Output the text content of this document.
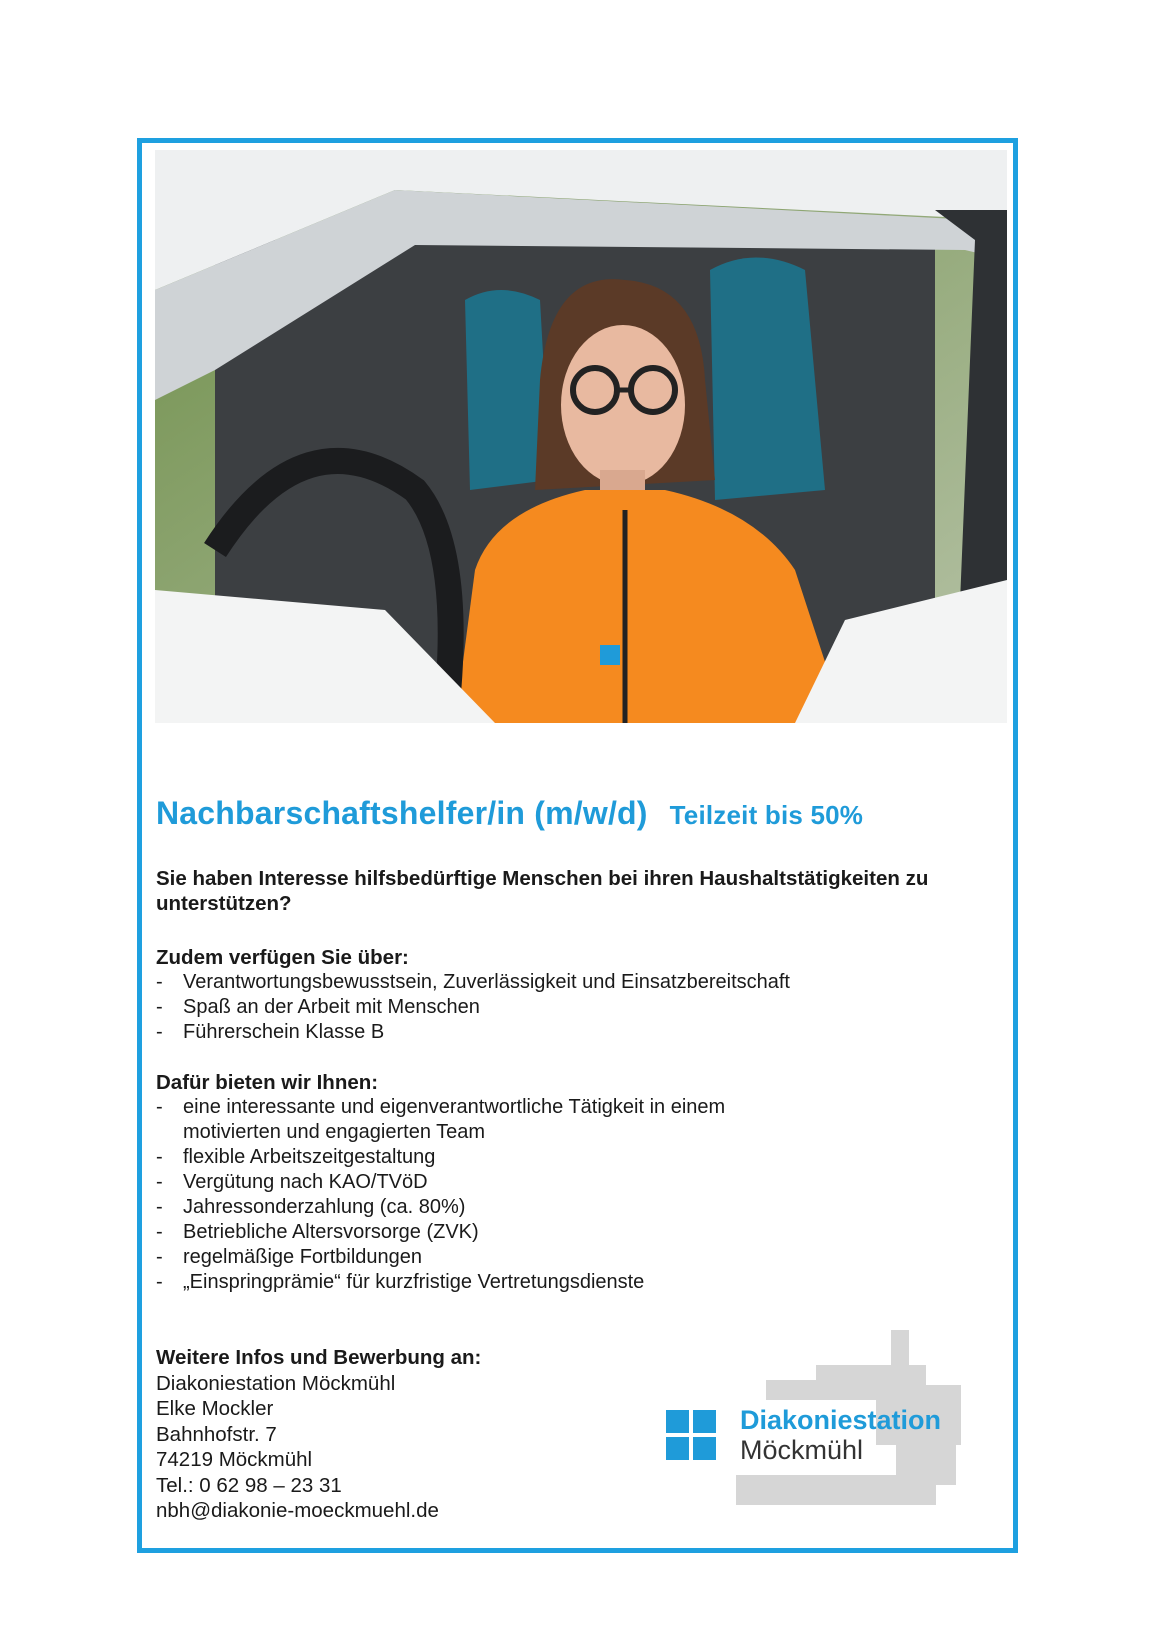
Nachbarschaftshelfer/in (m/w/d) Teilzeit bis 50%
Sie haben Interesse hilfsbedürftige Menschen bei ihren Haushaltstätigkeiten zu unterstützen?
Zudem verfügen Sie über:
- Verantwortungsbewusstsein, Zuverlässigkeit und Einsatzbereitschaft
- Spaß an der Arbeit mit Menschen
- Führerschein Klasse B
Dafür bieten wir Ihnen:
- eine interessante und eigenverantwortliche Tätigkeit in einem motivierten und engagierten Team
- flexible Arbeitszeitgestaltung
- Vergütung nach KAO/TVöD
- Jahressonderzahlung (ca. 80%)
- Betriebliche Altersvorsorge (ZVK)
- regelmäßige Fortbildungen
- „Einspringprämie“ für kurzfristige Vertretungsdienste
Weitere Infos und Bewerbung an:
Diakoniestation Möckmühl
Elke Mockler
Bahnhofstr. 7
74219 Möckmühl
Tel.: 0 62 98 – 23 31
nbh@diakonie-moeckmuehl.de
Diakoniestation
Möckmühl
